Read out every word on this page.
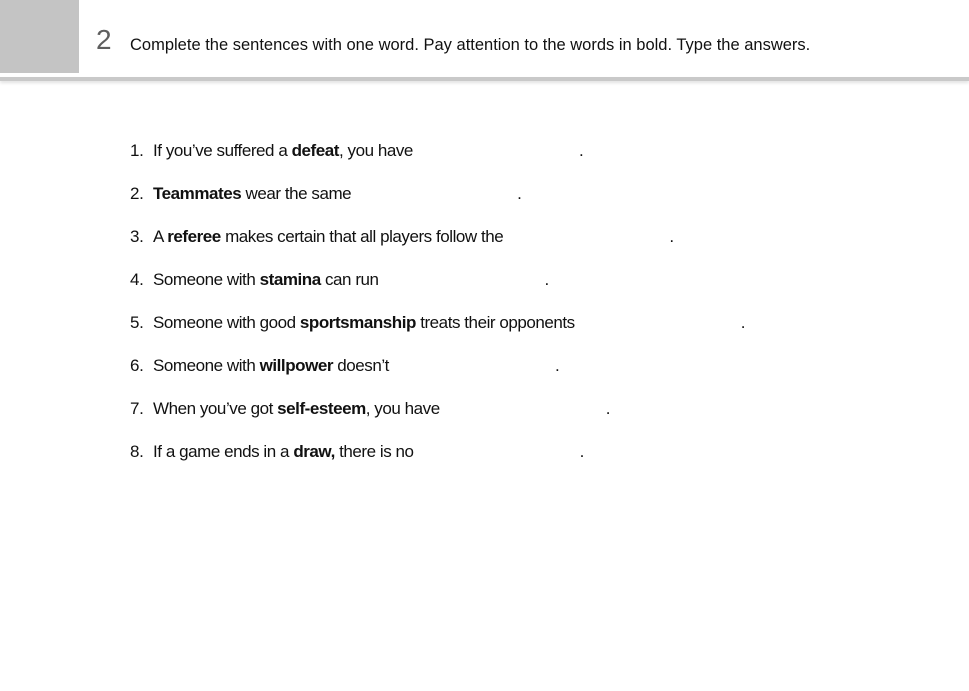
2 Complete the sentences with one word. Pay attention to the words in bold. Type the answers.
1. If you’ve suffered a defeat, you have	.
2. Teammates wear the same	.
3. A referee makes certain that all players follow the	.
4. Someone with stamina can run	.
5. Someone with good sportsmanship treats their opponents	.
6. Someone with willpower doesn’t	.
7. When you’ve got self-esteem, you have	.
8. If a game ends in a draw, there is no	.
